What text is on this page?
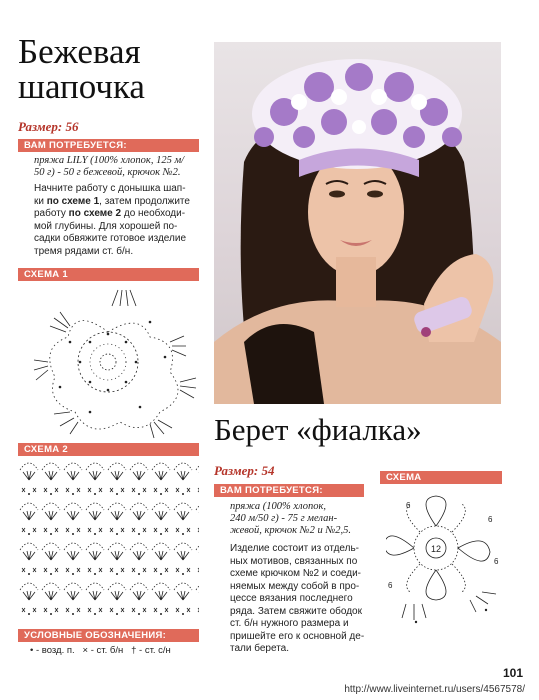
Бежевая
шапочка
Размер: 56
ВАМ ПОТРЕБУЕТСЯ:
пряжа LILY (100% хлопок, 125 м/
50 г) - 50 г бежевой, крючок №2.
Начните работу с донышка шап-
ки по схеме 1, затем продолжите
работу по схеме 2 до необходи-
мой глубины. Для хорошей по-
садки обвяжите готовое изделие
тремя рядами ст. б/н.
СХЕМА 1
СХЕМА 2
УСЛОВНЫЕ ОБОЗНАЧЕНИЯ:
• - возд. п.   × - ст. б/н   † - ст. с/н
Берет «фиалка»
Размер: 54
ВАМ ПОТРЕБУЕТСЯ:
пряжа (100% хлопок,
240 м/50 г) - 75 г мелан-
жевой, крючок №2 и №2,5.
Изделие состоит из отдель-
ных мотивов, связанных по
схеме крючком №2 и соеди-
няемых между собой в про-
цессе вязания последнего
ряда. Затем свяжите ободок
ст. б/н нужного размера и
пришейте его к основной де-
тали берета.
СХЕМА
12
6
6
6
6
101
http://www.liveinternet.ru/users/4567578/
